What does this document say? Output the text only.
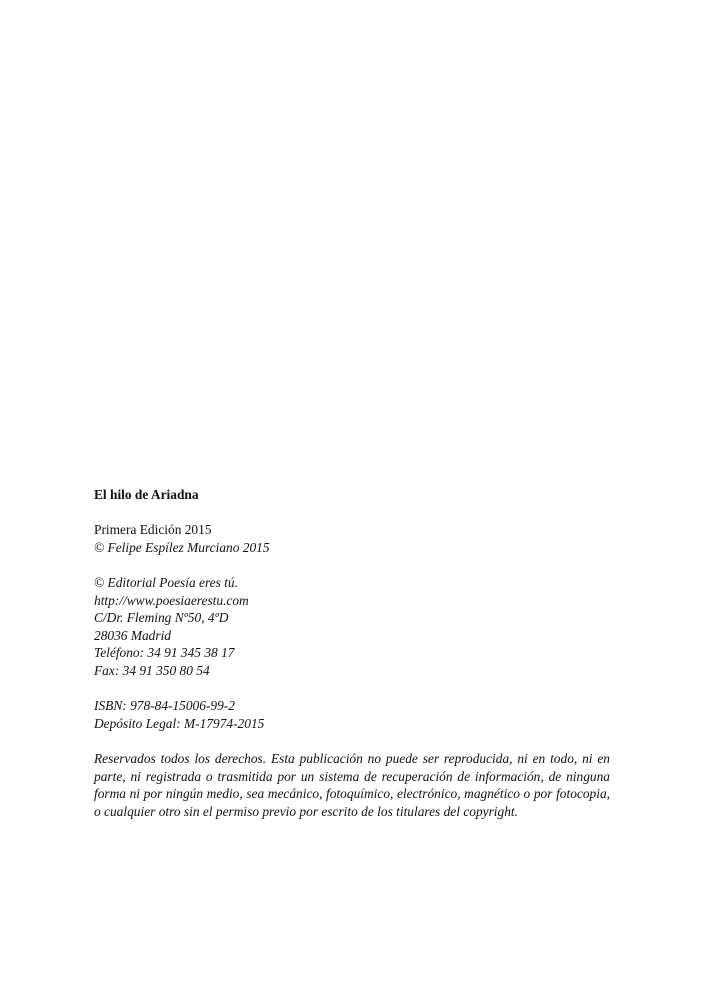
El hilo de Ariadna

Primera Edición 2015
© Felipe Espílez Murciano 2015

© Editorial Poesía eres tú.
http://www.poesiaerestu.com
C/Dr. Fleming Nº50, 4ºD
28036 Madrid
Teléfono: 34 91 345 38 17
Fax: 34 91 350 80 54

ISBN: 978-84-15006-99-2
Depósito Legal: M-17974-2015

Reservados todos los derechos. Esta publicación no puede ser reproducida, ni en todo, ni en parte, ni registrada o trasmitida por un sistema de recuperación de información, de ninguna forma ni por ningún medio, sea mecánico, fotoquímico, electrónico, magnético o por fotocopia, o cualquier otro sin el permiso previo por escrito de los titulares del copyright.
